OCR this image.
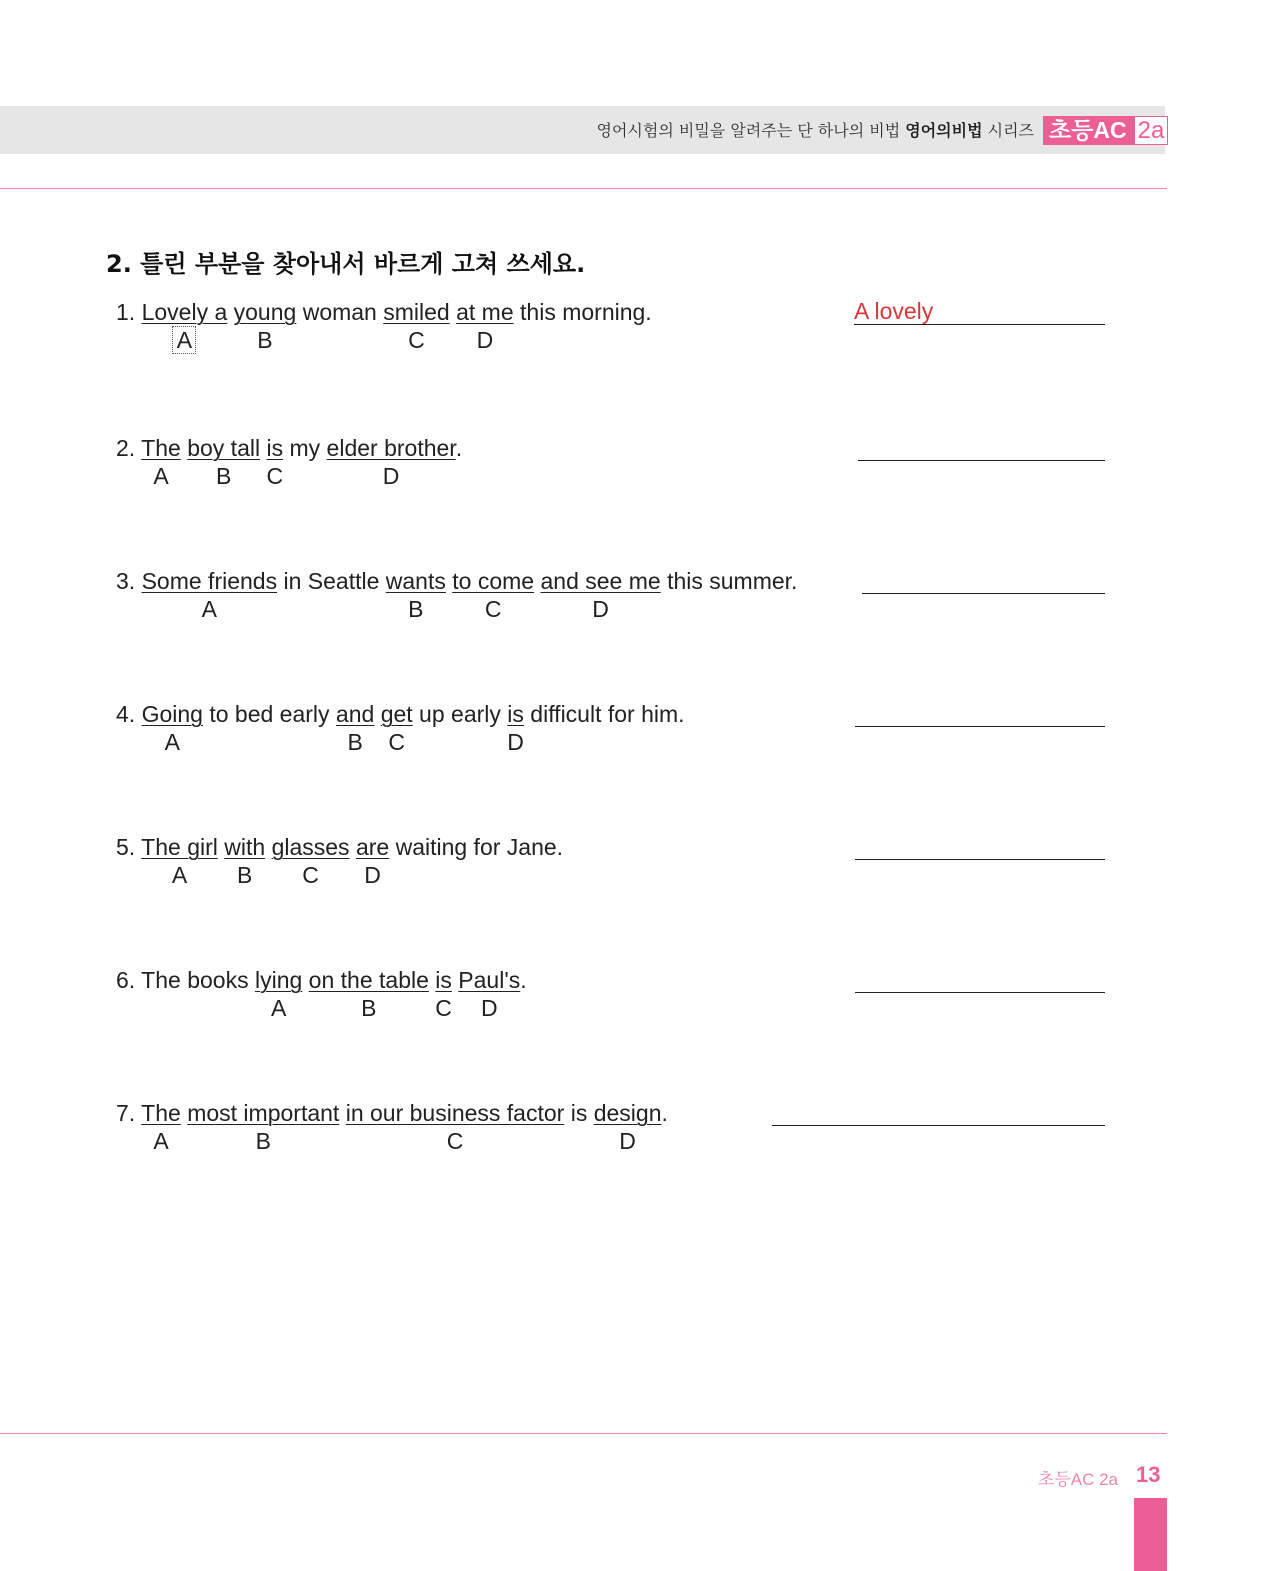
영어시험의 비밀을 알려주는 단 하나의 비법 영어의비법 시리즈 초등AC 2a
2. 틀린 부분을 찾아내서 바르게 고쳐 쓰세요.
1. Lovely a young woman smiled at me this morning.
A	B	C D
2. The boy tall is my elder brother.
A B C	D
3. Some friends in Seattle wants to come and see me this summer.
A	B	C	D
4. Going to bed early and get up early is difficult for him.
A	B C	D
5. The girl with glasses are waiting for Jane.
A B C D
6. The books lying on the table is Paul's.
A	B	C D
7. The most important in our business factor is design.
A	B	C	D
초등AC 2a 13
A lovely
